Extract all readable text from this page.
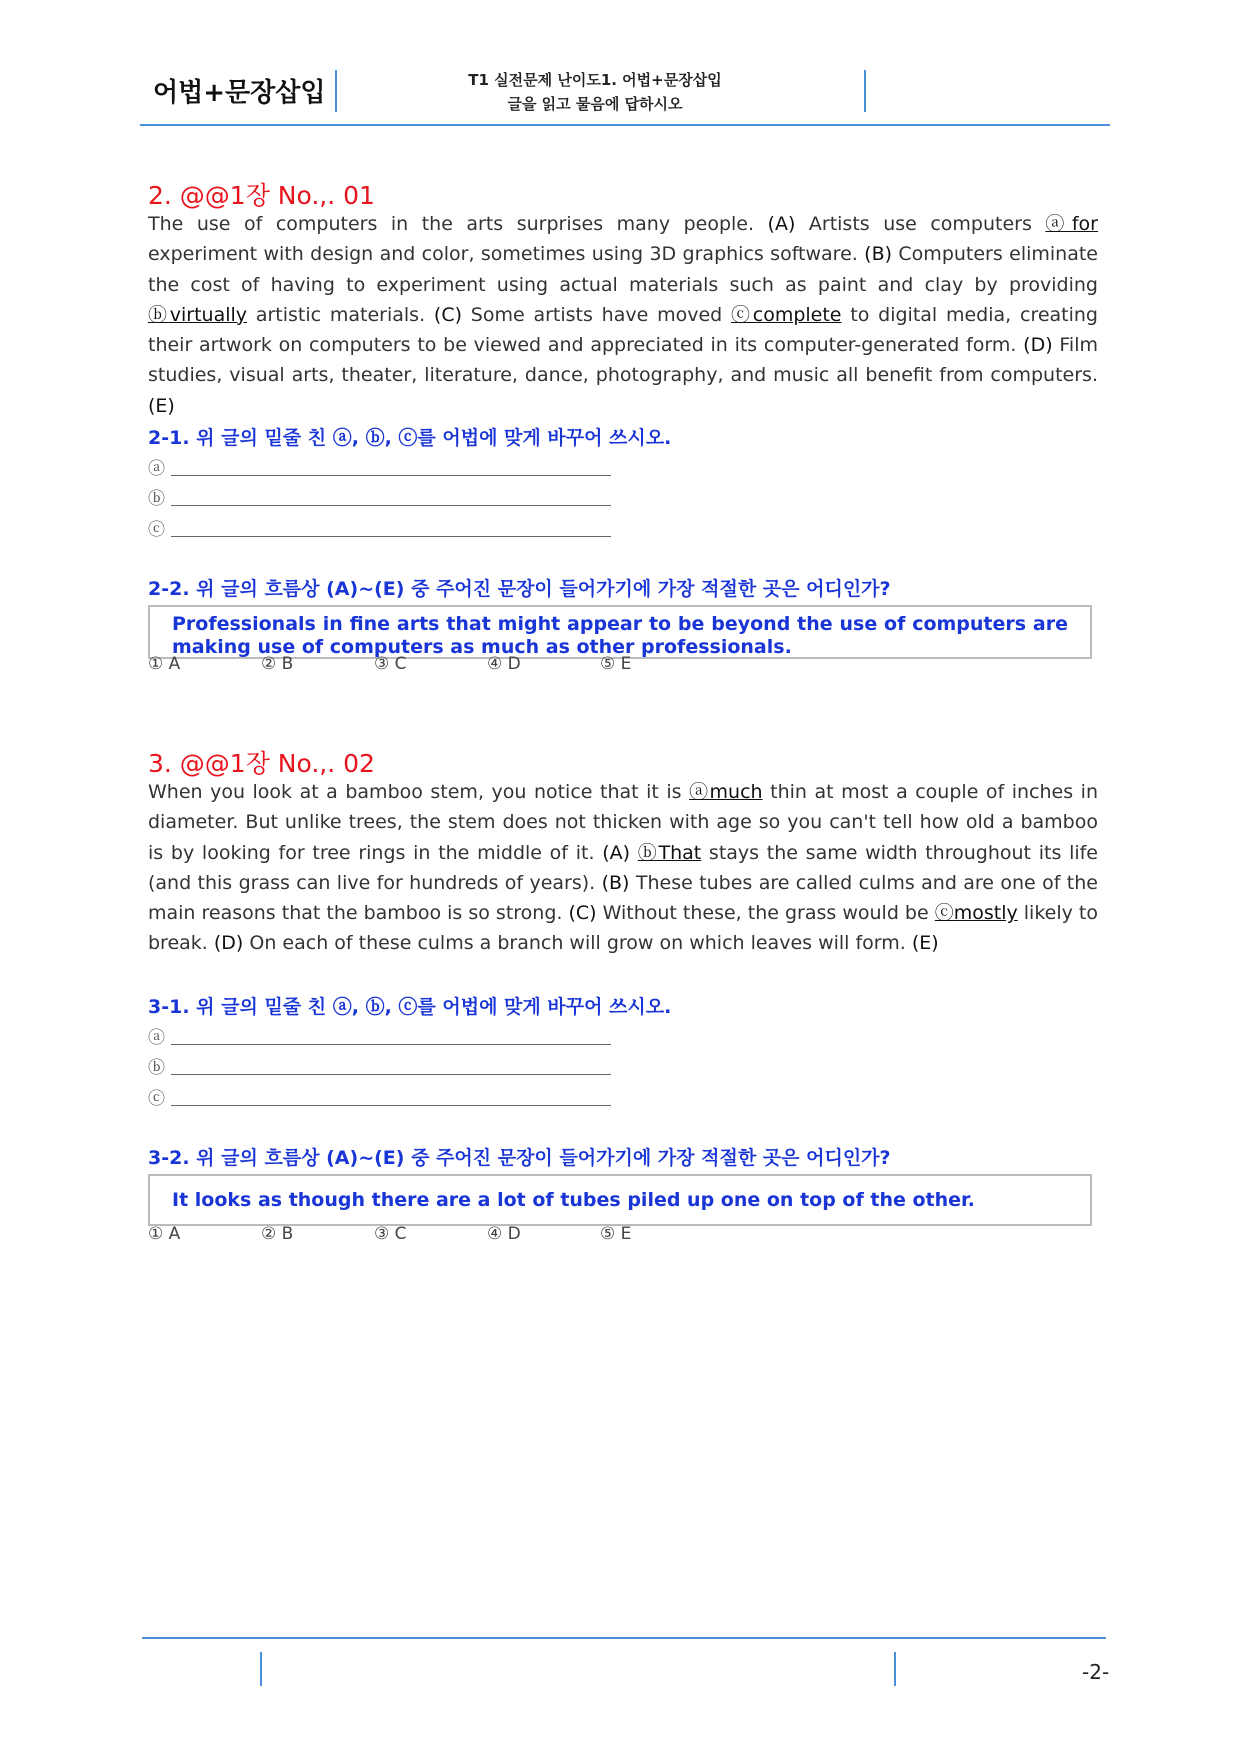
어법+문장삽입	T1 실전문제 난이도1. 어법+문장삽입
글을 읽고 물음에 답하시오
2. @@1장 No.,. 01
The use of computers in the arts surprises many people. (A) Artists use computers ⓐfor experiment with design and color, sometimes using 3D graphics software. (B) Computers eliminate the cost of having to experiment using actual materials such as paint and clay by providing ⓑvirtually artistic materials. (C) Some artists have moved ⓒcomplete to digital media, creating their artwork on computers to be viewed and appreciated in its computer-generated form. (D) Film studies, visual arts, theater, literature, dance, photography, and music all benefit from computers. (E)
2-1. 위 글의 밑줄 친 ⓐ, ⓑ, ⓒ를 어법에 맞게 바꾸어 쓰시오.
ⓐ
ⓑ
ⓒ
2-2. 위 글의 흐름상 (A)~(E) 중 주어진 문장이 들어가기에 가장 적절한 곳은 어디인가?
Professionals in fine arts that might appear to be beyond the use of computers are making use of computers as much as other professionals.
① A	② B	③ C	④ D	⑤ E
3. @@1장 No.,. 02
When you look at a bamboo stem, you notice that it is ⓐmuch thin at most a couple of inches in diameter. But unlike trees, the stem does not thicken with age so you can't tell how old a bamboo is by looking for tree rings in the middle of it. (A) ⓑThat stays the same width throughout its life (and this grass can live for hundreds of years). (B) These tubes are called culms and are one of the main reasons that the bamboo is so strong. (C) Without these, the grass would be ⓒmostly likely to break. (D) On each of these culms a branch will grow on which leaves will form. (E)
3-1. 위 글의 밑줄 친 ⓐ, ⓑ, ⓒ를 어법에 맞게 바꾸어 쓰시오.
ⓐ
ⓑ
ⓒ
3-2. 위 글의 흐름상 (A)~(E) 중 주어진 문장이 들어가기에 가장 적절한 곳은 어디인가?
It looks as though there are a lot of tubes piled up one on top of the other.
① A	② B	③ C	④ D	⑤ E
-2-
